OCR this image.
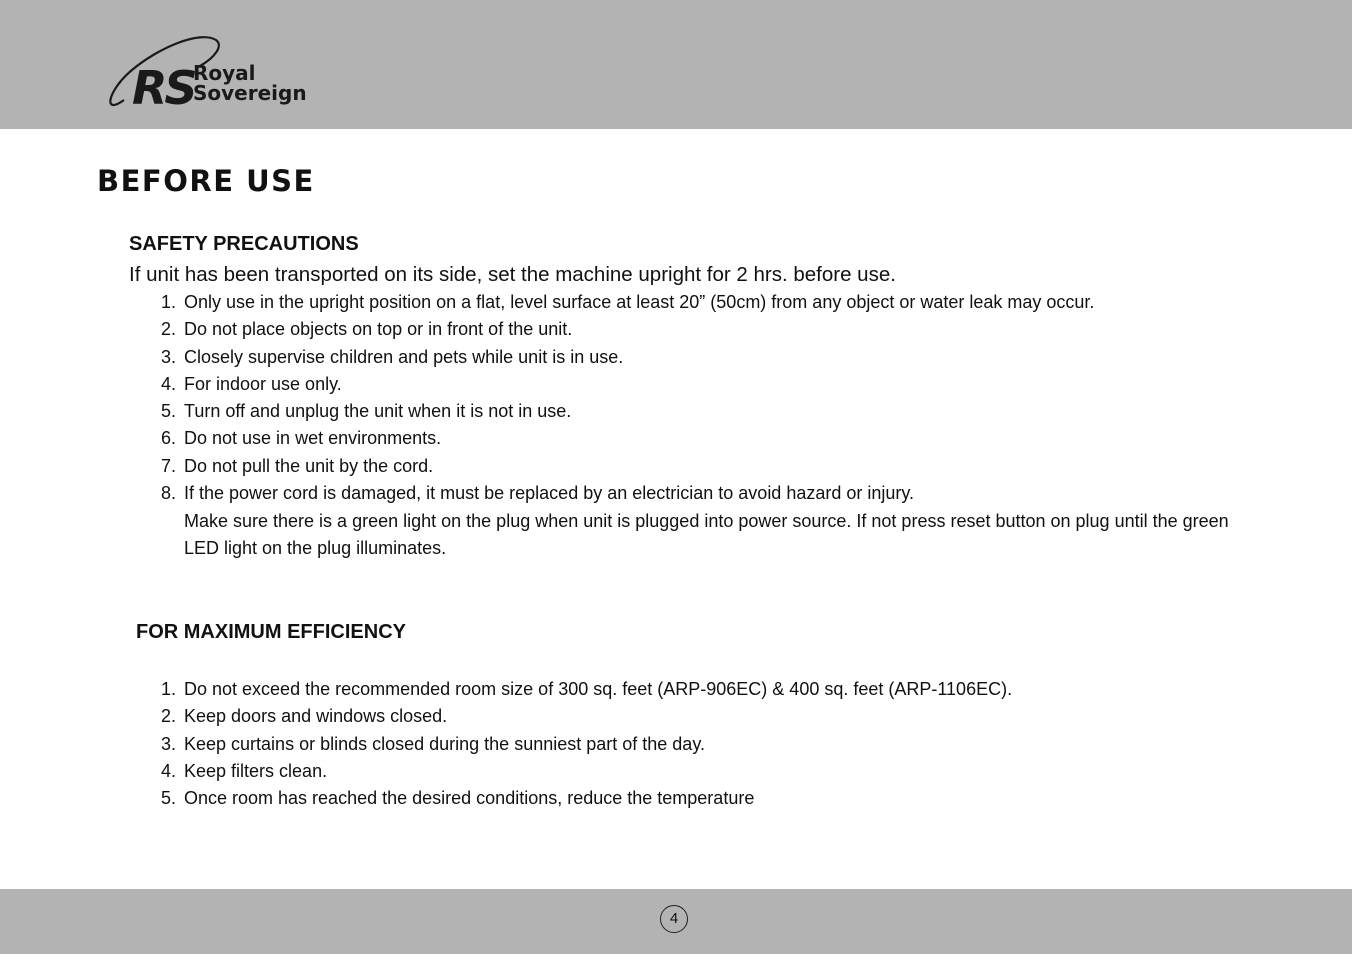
RS
Royal
Sovereign
BEFORE USE
SAFETY PRECAUTIONS

If unit has been transported on its side, set the machine upright for 2 hrs. before use.

1. Only use in the upright position on a flat, level surface at least 20” (50cm) from any object or water leak may occur.
2. Do not place objects on top or in front of the unit.
3. Closely supervise children and pets while unit is in use.
4. For indoor use only.
5. Turn off and unplug the unit when it is not in use.
6. Do not use in wet environments.
7. Do not pull the unit by the cord.
8. If the power cord is damaged, it must be replaced by an electrician to avoid hazard or injury.

Make sure there is a green light on the plug when unit is plugged into power source. If not press reset button on plug until the green LED light on the plug illuminates.

FOR MAXIMUM EFFICIENCY
1. Do not exceed the recommended room size of 300 sq. feet (ARP-906EC) & 400 sq. feet (ARP-1106EC).
2. Keep doors and windows closed.
3. Keep curtains or blinds closed during the sunniest part of the day.
4. Keep filters clean.
5. Once room has reached the desired conditions, reduce the temperature
4
